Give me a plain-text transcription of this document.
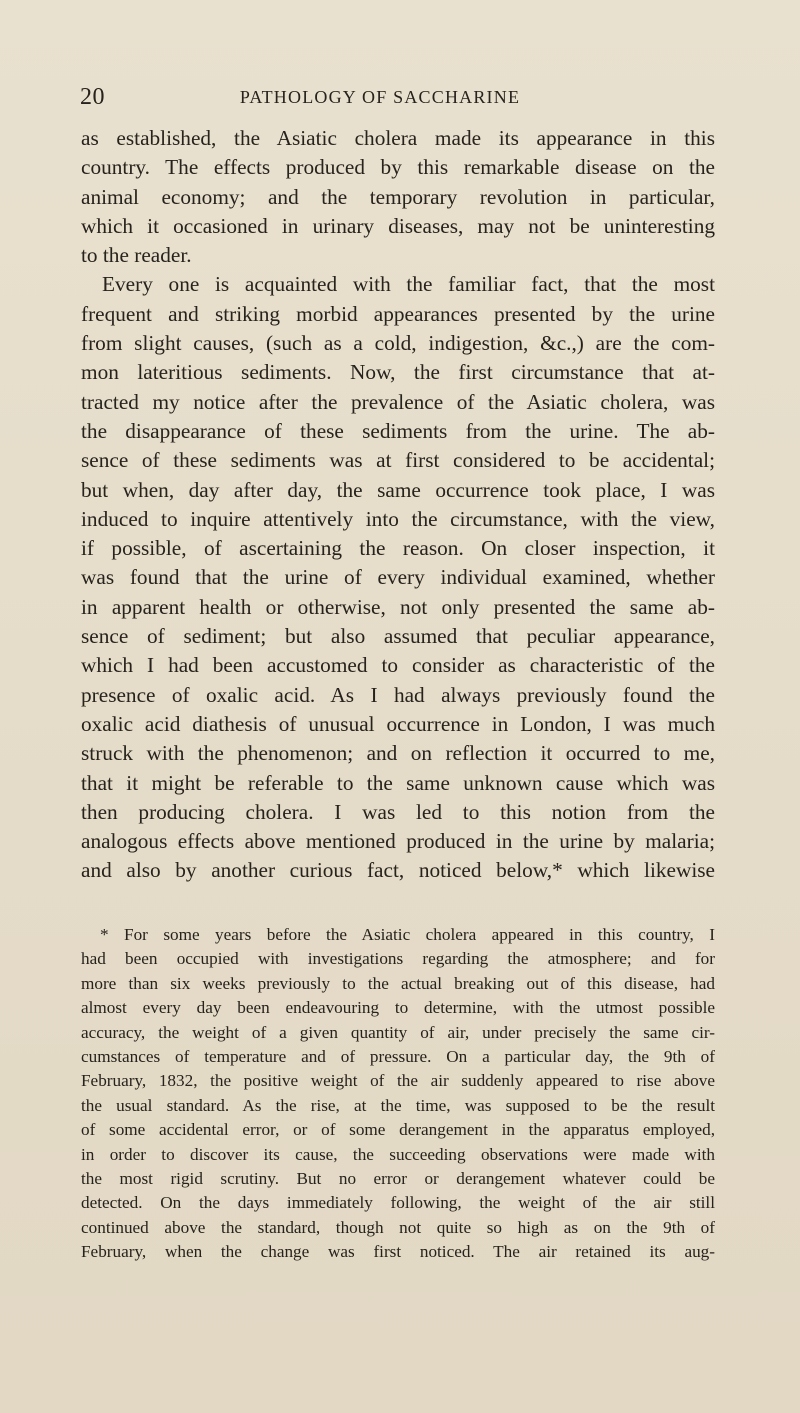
20	PATHOLOGY OF SACCHARINE
as established, the Asiatic cholera made its appearance in this
country. The effects produced by this remarkable disease on the
animal economy; and the temporary revolution in particular,
which it occasioned in urinary diseases, may not be uninteresting
to the reader.
Every one is acquainted with the familiar fact, that the most
frequent and striking morbid appearances presented by the urine
from slight causes, (such as a cold, indigestion, &c.,) are the com-
mon lateritious sediments. Now, the first circumstance that at-
tracted my notice after the prevalence of the Asiatic cholera, was
the disappearance of these sediments from the urine. The ab-
sence of these sediments was at first considered to be accidental;
but when, day after day, the same occurrence took place, I was
induced to inquire attentively into the circumstance, with the view,
if possible, of ascertaining the reason. On closer inspection, it
was found that the urine of every individual examined, whether
in apparent health or otherwise, not only presented the same ab-
sence of sediment; but also assumed that peculiar appearance,
which I had been accustomed to consider as characteristic of the
presence of oxalic acid. As I had always previously found the
oxalic acid diathesis of unusual occurrence in London, I was much
struck with the phenomenon; and on reflection it occurred to me,
that it might be referable to the same unknown cause which was
then producing cholera. I was led to this notion from the
analogous effects above mentioned produced in the urine by malaria;
and also by another curious fact, noticed below,* which likewise
* For some years before the Asiatic cholera appeared in this country, I
had been occupied with investigations regarding the atmosphere; and for
more than six weeks previously to the actual breaking out of this disease, had
almost every day been endeavouring to determine, with the utmost possible
accuracy, the weight of a given quantity of air, under precisely the same cir-
cumstances of temperature and of pressure. On a particular day, the 9th of
February, 1832, the positive weight of the air suddenly appeared to rise above
the usual standard. As the rise, at the time, was supposed to be the result
of some accidental error, or of some derangement in the apparatus employed,
in order to discover its cause, the succeeding observations were made with
the most rigid scrutiny. But no error or derangement whatever could be
detected. On the days immediately following, the weight of the air still
continued above the standard, though not quite so high as on the 9th of
February, when the change was first noticed. The air retained its aug-
